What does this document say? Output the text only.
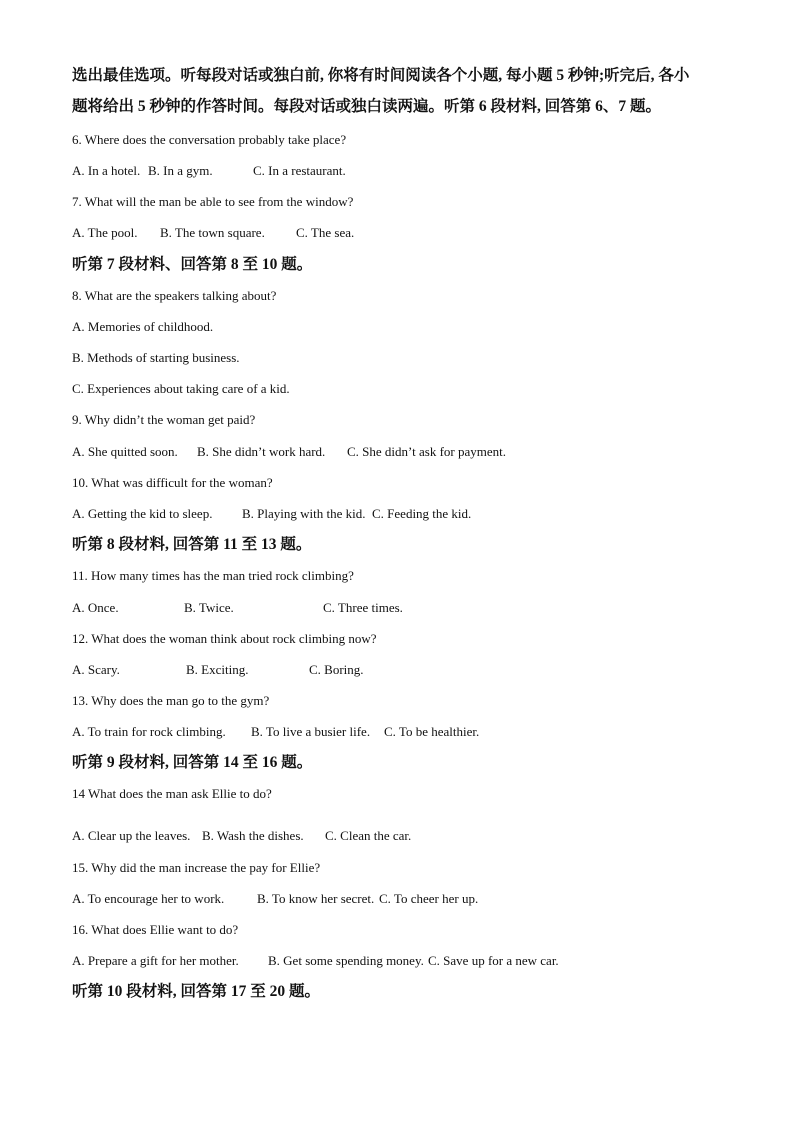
选出最佳选项。听每段对话或独白前, 你将有时间阅读各个小题, 每小题 5 秒钟;听完后, 各小
题将给出 5 秒钟的作答时间。每段对话或独白读两遍。听第 6 段材料, 回答第 6、7 题。
6. Where does the conversation probably take place?
A. In a hotel. B. In a gym.	C. In a restaurant.
7. What will the man be able to see from the window?
A. The pool. B. The town square. C. The sea.
听第 7 段材料、回答第 8 至 10 题。
8. What are the speakers talking about?
A. Memories of childhood.
B. Methods of starting business.
C. Experiences about taking care of a kid.
9. Why didn’t the woman get paid?
A. She quitted soon. B. She didn’t work hard. C. She didn’t ask for payment.
10. What was difficult for the woman?
A. Getting the kid to sleep. B. Playing with the kid. C. Feeding the kid.
听第 8 段材料, 回答第 11 至 13 题。
11. How many times has the man tried rock climbing?
A. Once.	B. Twice.	C. Three times.
12. What does the woman think about rock climbing now?
A. Scary.	B. Exciting.	C. Boring.
13. Why does the man go to the gym?
A. To train for rock climbing. B. To live a busier life. C. To be healthier.
听第 9 段材料, 回答第 14 至 16 题。
14 What does the man ask Ellie to do?
A. Clear up the leaves. B. Wash the dishes. C. Clean the car.
15. Why did the man increase the pay for Ellie?
A. To encourage her to work.	B. To know her secret. C. To cheer her up.
16. What does Ellie want to do?
A. Prepare a gift for her mother. B. Get some spending money. C. Save up for a new car.
听第 10 段材料, 回答第 17 至 20 题。
